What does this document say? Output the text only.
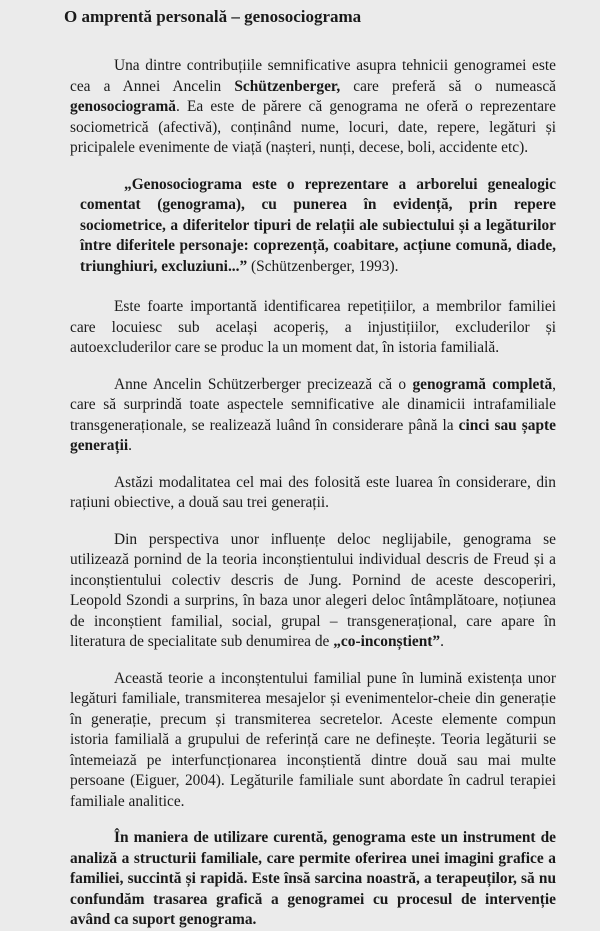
O amprentă personală – genosociograma

Una dintre contribuțiile semnificative asupra tehnicii genogramei este cea a Annei Ancelin Schützenberger, care preferă să o numească genosociogramă. Ea este de părere că genograma ne oferă o reprezentare sociometrică (afectivă), conținând nume, locuri, date, repere, legături și pricipalele evenimente de viață (nașteri, nunți, decese, boli, accidente etc).

„Genosociograma este o reprezentare a arborelui genealogic comentat (genograma), cu punerea în evidență, prin repere sociometrice, a diferitelor tipuri de relații ale subiectului și a legăturilor între diferitele personaje: coprezență, coabitare, acțiune comună, diade, triunghiuri, excluziuni...” (Schützenberger, 1993).

Este foarte importantă identificarea repetițiilor, a membrilor familiei care locuiesc sub același acoperiș, a injustițiilor, excluderilor și autoexcluderilor care se produc la un moment dat, în istoria familială.

Anne Ancelin Schützerberger precizează că o genogramă completă, care să surprindă toate aspectele semnificative ale dinamicii intrafamiliale transgeneraționale, se realizează luând în considerare până la cinci sau șapte generații.

Astăzi modalitatea cel mai des folosită este luarea în considerare, din rațiuni obiective, a două sau trei generații.

Din perspectiva unor influențe deloc neglijabile, genograma se utilizează pornind de la teoria inconștientului individual descris de Freud și a inconștientului colectiv descris de Jung. Pornind de aceste descoperiri, Leopold Szondi a surprins, în baza unor alegeri deloc întâmplătoare, noțiunea de inconștient familial, social, grupal – transgenerațional, care apare în literatura de specialitate sub denumirea de „co-inconștient”.

Această teorie a inconștentului familial pune în lumină existența unor legături familiale, transmiterea mesajelor și evenimentelor-cheie din generație în generație, precum și transmiterea secretelor. Aceste elemente compun istoria familială a grupului de referință care ne definește. Teoria legăturii se întemeiază pe interfuncționarea inconștientă dintre două sau mai multe persoane (Eiguer, 2004). Legăturile familiale sunt abordate în cadrul terapiei familiale analitice.

În maniera de utilizare curentă, genograma este un instrument de analiză a structurii familiale, care permite oferirea unei imagini grafice a familiei, succintă și rapidă. Este însă sarcina noastră, a terapeuților, să nu confundăm trasarea grafică a genogramei cu procesul de intervenție având ca suport genograma.
